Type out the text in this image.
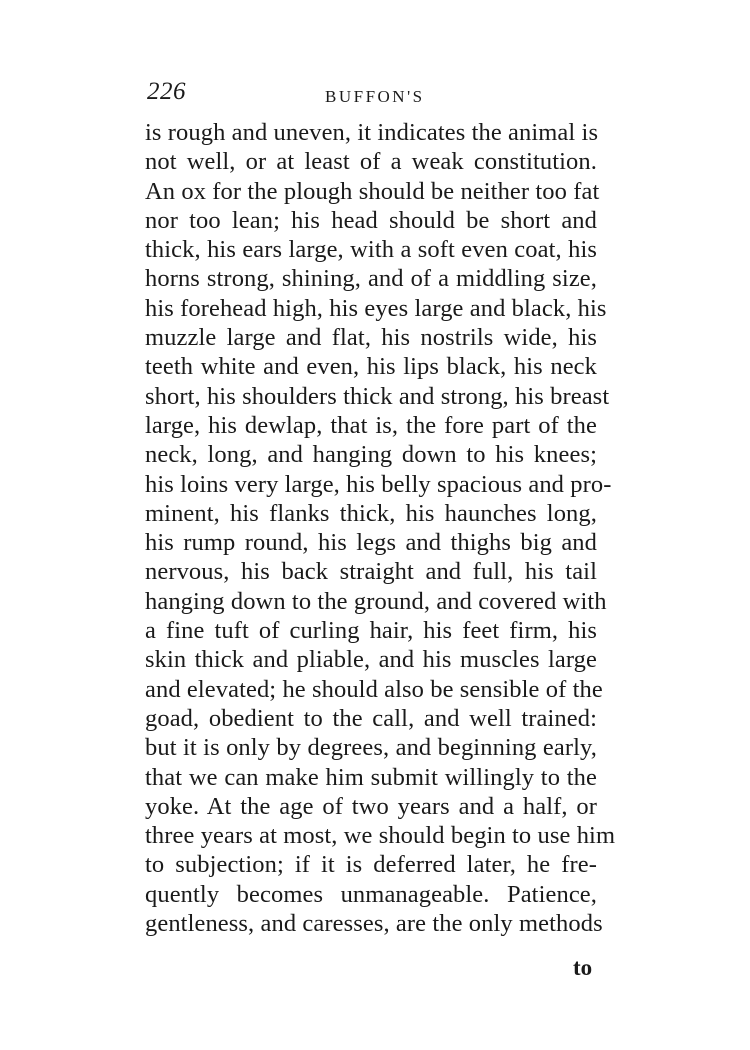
226	BUFFON'S
is rough and uneven, it indicates the animal is
not well, or at least of a weak constitution.
An ox for the plough should be neither too fat
nor too lean; his head should be short and
thick, his ears large, with a soft even coat, his
horns strong, shining, and of a middling size,
his forehead high, his eyes large and black, his
muzzle large and flat, his nostrils wide, his
teeth white and even, his lips black, his neck
short, his shoulders thick and strong, his breast
large, his dewlap, that is, the fore part of the
neck, long, and hanging down to his knees;
his loins very large, his belly spacious and pro-
minent, his flanks thick, his haunches long,
his rump round, his legs and thighs big and
nervous, his back straight and full, his tail
hanging down to the ground, and covered with
a fine tuft of curling hair, his feet firm, his
skin thick and pliable, and his muscles large
and elevated; he should also be sensible of the
goad, obedient to the call, and well trained:
but it is only by degrees, and beginning early,
that we can make him submit willingly to the
yoke. At the age of two years and a half, or
three years at most, we should begin to use him
to subjection; if it is deferred later, he fre-
quently becomes unmanageable. Patience,
gentleness, and caresses, are the only methods
to
